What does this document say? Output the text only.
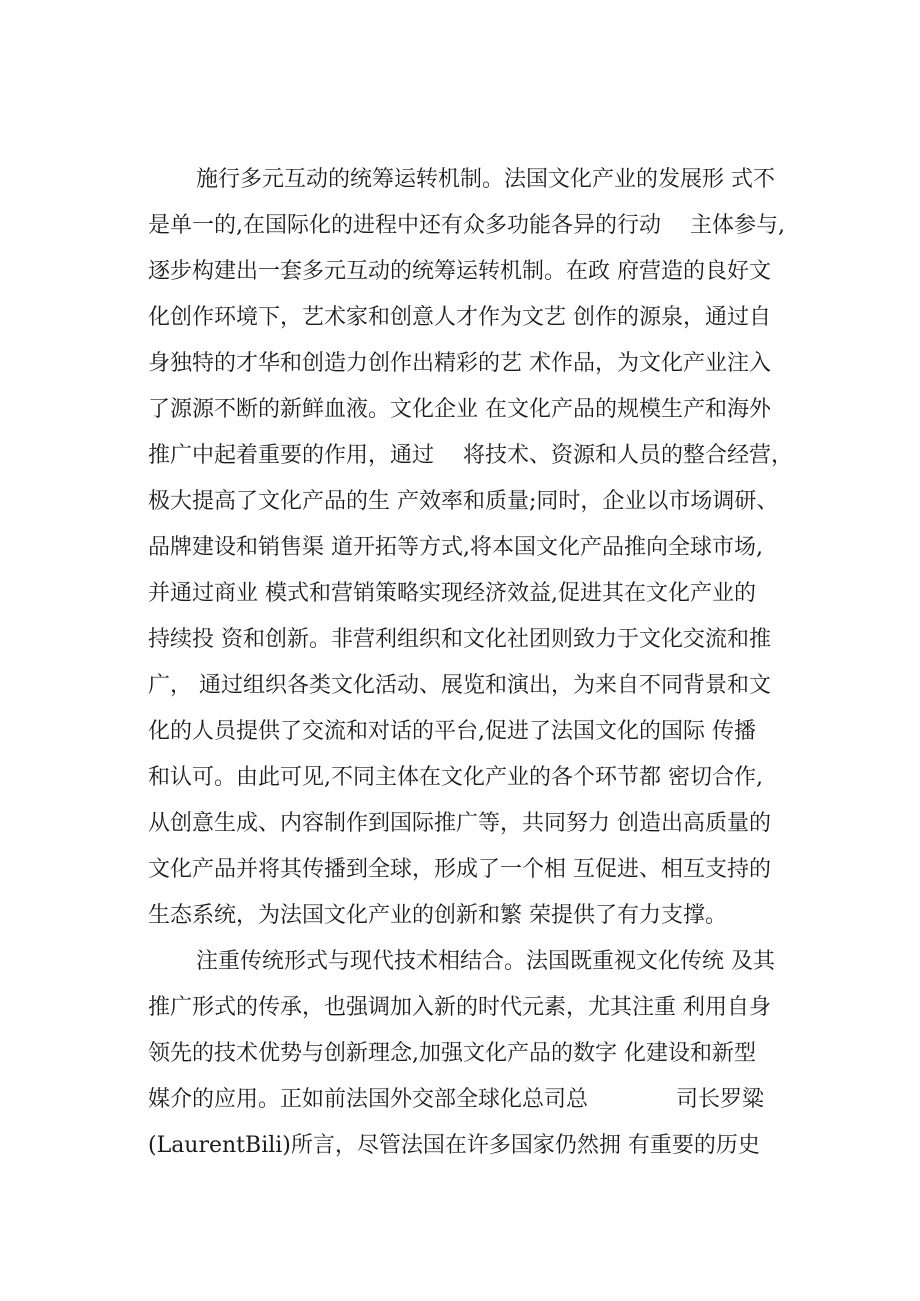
施行多元互动的统筹运转机制。法国文化产业的发展形 式不
是单一的,在国际化的进程中还有众多功能各异的行动　 主体参与,
逐步构建出一套多元互动的统筹运转机制。在政 府营造的良好文
化创作环境下，艺术家和创意人才作为文艺 创作的源泉，通过自
身独特的才华和创造力创作出精彩的艺 术作品，为文化产业注入
了源源不断的新鲜血液。文化企业 在文化产品的规模生产和海外
推广中起着重要的作用，通过　 将技术、资源和人员的整合经营，
极大提高了文化产品的生 产效率和质量;同时，企业以市场调研、
品牌建设和销售渠 道开拓等方式,将本国文化产品推向全球市场,
并通过商业 模式和营销策略实现经济效益,促进其在文化产业的
持续投 资和创新。非营利组织和文化社团则致力于文化交流和推
广， 通过组织各类文化活动、展览和演出，为来自不同背景和文
化的人员提供了交流和对话的平台,促进了法国文化的国际 传播
和认可。由此可见,不同主体在文化产业的各个环节都 密切合作,
从创意生成、内容制作到国际推广等，共同努力 创造出高质量的
文化产品并将其传播到全球，形成了一个相 互促进、相互支持的
生态系统，为法国文化产业的创新和繁 荣提供了有力支撑。
注重传统形式与现代技术相结合。法国既重视文化传统 及其
推广形式的传承，也强调加入新的时代元素，尤其注重 利用自身
领先的技术优势与创新理念,加强文化产品的数字 化建设和新型
媒介的应用。正如前法国外交部全球化总司总　　　　司长罗粱
(LaurentBili)所言，尽管法国在许多国家仍然拥 有重要的历史
